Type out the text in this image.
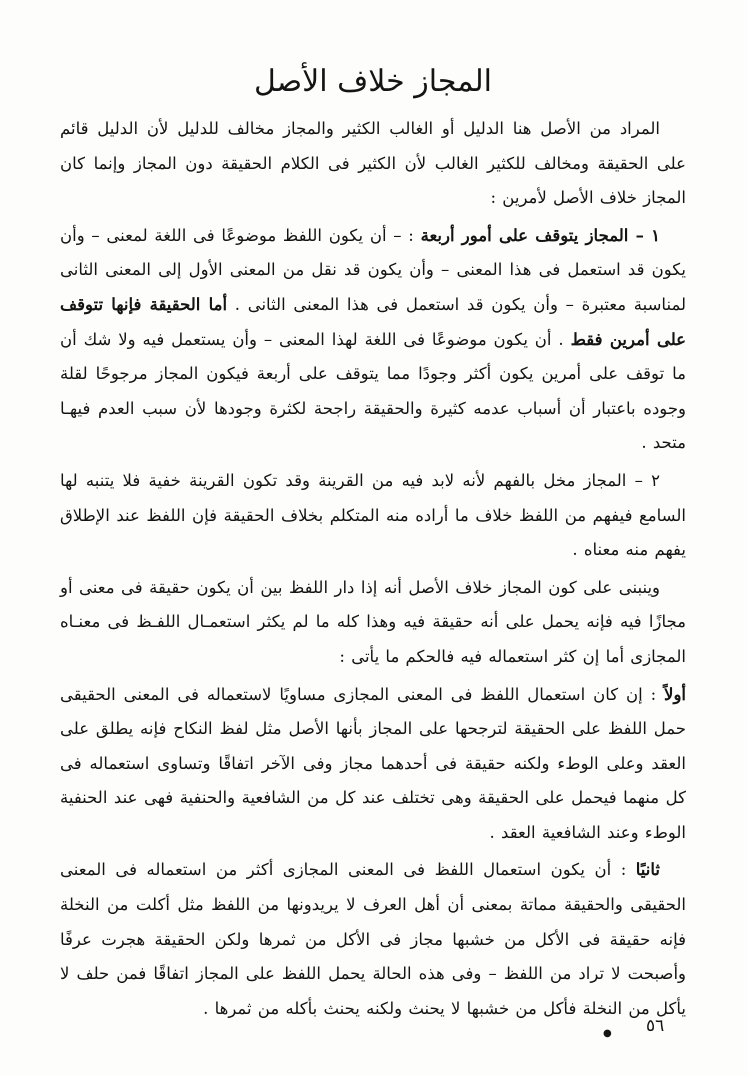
المجاز خلاف الأصل

المراد من الأصل هنا الدليل أو الغالب الكثير والمجاز مخالف للدليل لأن الدليل قائم على الحقيقة ومخالف للكثير الغالب لأن الكثير فى الكلام الحقيقة دون المجاز وإنما كان المجاز خلاف الأصل لأمرين :

١ – المجاز يتوقف على أمور أربعة : – أن يكون اللفظ موضوعًا فى اللغة لمعنى – وأن يكون قد استعمل فى هذا المعنى – وأن يكون قد نقل من المعنى الأول إلى المعنى الثانى لمناسبة معتبرة – وأن يكون قد استعمل فى هذا المعنى الثانى . أما الحقيقة فإنها تتوقف على أمرين فقط . أن يكون موضوعًا فى اللغة لهذا المعنى – وأن يستعمل فيه ولا شك أن ما توقف على أمرين يكون أكثر وجودًا مما يتوقف على أربعة فيكون المجاز مرجوحًا لقلة وجوده باعتبار أن أسباب عدمه كثيرة والحقيقة راجحة لكثرة وجودها لأن سبب العدم فيهـا متحد .

٢ – المجاز مخل بالفهم لأنه لابد فيه من القرينة وقد تكون القرينة خفية فلا يتنبه لها السامع فيفهم من اللفظ خلاف ما أراده منه المتكلم بخلاف الحقيقة فإن اللفظ عند الإطلاق يفهم منه معناه .

وينبنى على كون المجاز خلاف الأصل أنه إذا دار اللفظ بين أن يكون حقيقة فى معنى أو مجازًا فيه فإنه يحمل على أنه حقيقة فيه وهذا كله ما لم يكثر استعمـال اللفـظ فى معنـاه المجازى أما إن كثر استعماله فيه فالحكم ما يأتى :

أولاً : إن كان استعمال اللفظ فى المعنى المجازى مساويًا لاستعماله فى المعنى الحقيقى حمل اللفظ على الحقيقة لترجحها على المجاز بأنها الأصل مثل لفظ النكاح فإنه يطلق على العقد وعلى الوطء ولكنه حقيقة فى أحدهما مجاز وفى الآخر اتفاقًا وتساوى استعماله فى كل منهما فيحمل على الحقيقة وهى تختلف عند كل من الشافعية والحنفية فهى عند الحنفية الوطء وعند الشافعية العقد .

ثانيًا : أن يكون استعمال اللفظ فى المعنى المجازى أكثر من استعماله فى المعنى الحقيقى والحقيقة مماتة بمعنى أن أهل العرف لا يريدونها من اللفظ مثل أكلت من النخلة فإنه حقيقة فى الأكل من خشبها مجاز فى الأكل من ثمرها ولكن الحقيقة هجرت عرفًا وأصبحت لا تراد من اللفظ – وفى هذه الحالة يحمل اللفظ على المجاز اتفاقًا فمن حلف لا يأكل من النخلة فأكل من خشبها لا يحنث ولكنه يحنث بأكله من ثمرها .

٥٦
●
